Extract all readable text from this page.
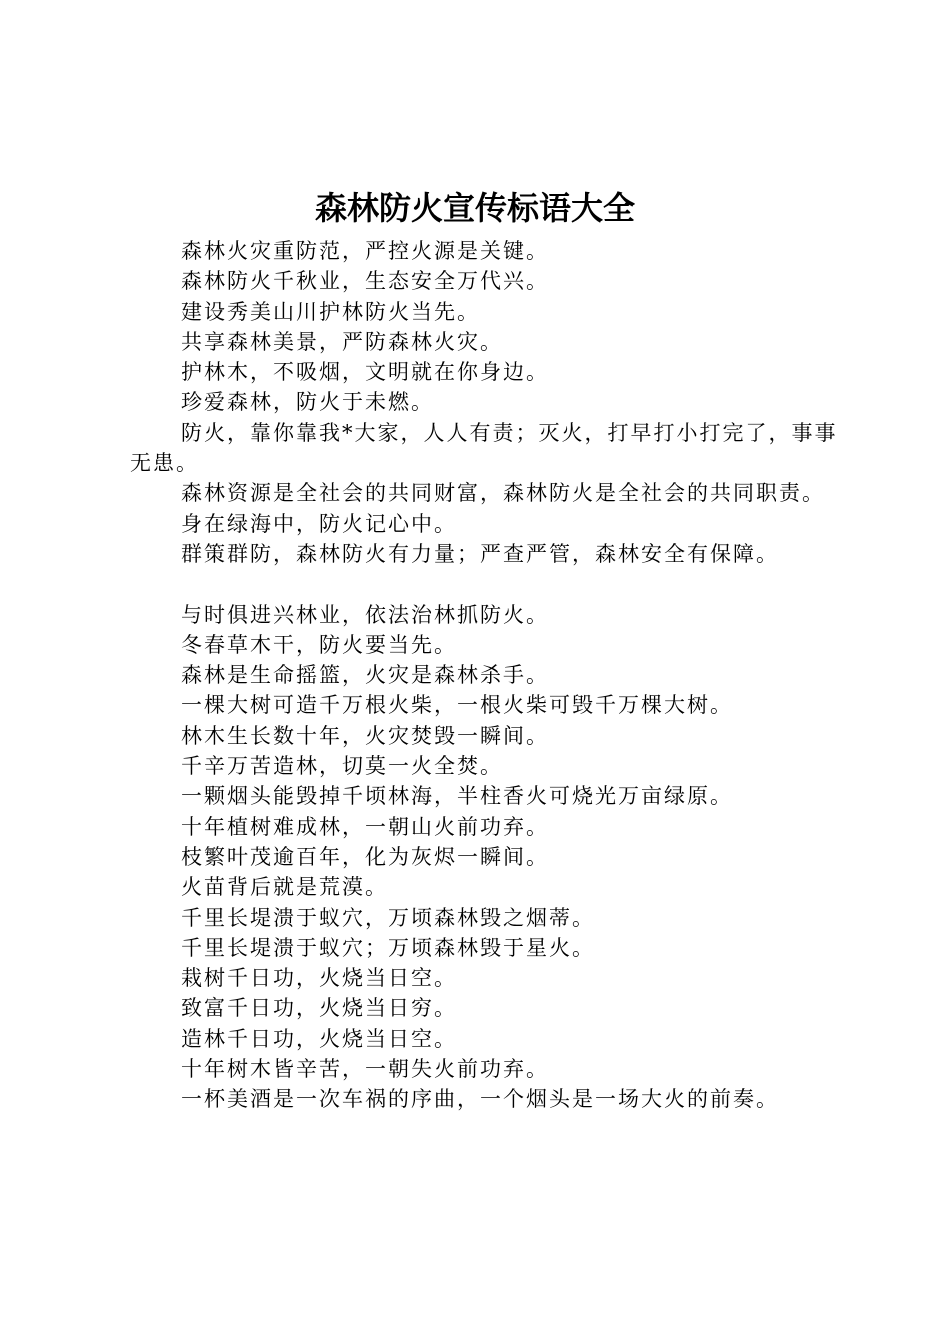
森林防火宣传标语大全

森林火灾重防范，严控火源是关键。

森林防火千秋业，生态安全万代兴。

建设秀美山川护林防火当先。

共享森林美景，严防森林火灾。

护林木，不吸烟，文明就在你身边。

珍爱森林，防火于未燃。

防火，靠你靠我*大家，人人有责；灭火，打早打小打完了，事事无患。

森林资源是全社会的共同财富，森林防火是全社会的共同职责。

身在绿海中，防火记心中。

群策群防，森林防火有力量；严查严管，森林安全有保障。

与时俱进兴林业，依法治林抓防火。

冬春草木干，防火要当先。

森林是生命摇篮，火灾是森林杀手。

一棵大树可造千万根火柴，一根火柴可毁千万棵大树。

林木生长数十年，火灾焚毁一瞬间。

千辛万苦造林，切莫一火全焚。

一颗烟头能毁掉千顷林海，半柱香火可烧光万亩绿原。

十年植树难成林，一朝山火前功弃。

枝繁叶茂逾百年，化为灰烬一瞬间。

火苗背后就是荒漠。

千里长堤溃于蚁穴，万顷森林毁之烟蒂。

千里长堤溃于蚁穴；万顷森林毁于星火。

栽树千日功，火烧当日空。

致富千日功，火烧当日穷。

造林千日功，火烧当日空。

十年树木皆辛苦，一朝失火前功弃。

一杯美酒是一次车祸的序曲，一个烟头是一场大火的前奏。
